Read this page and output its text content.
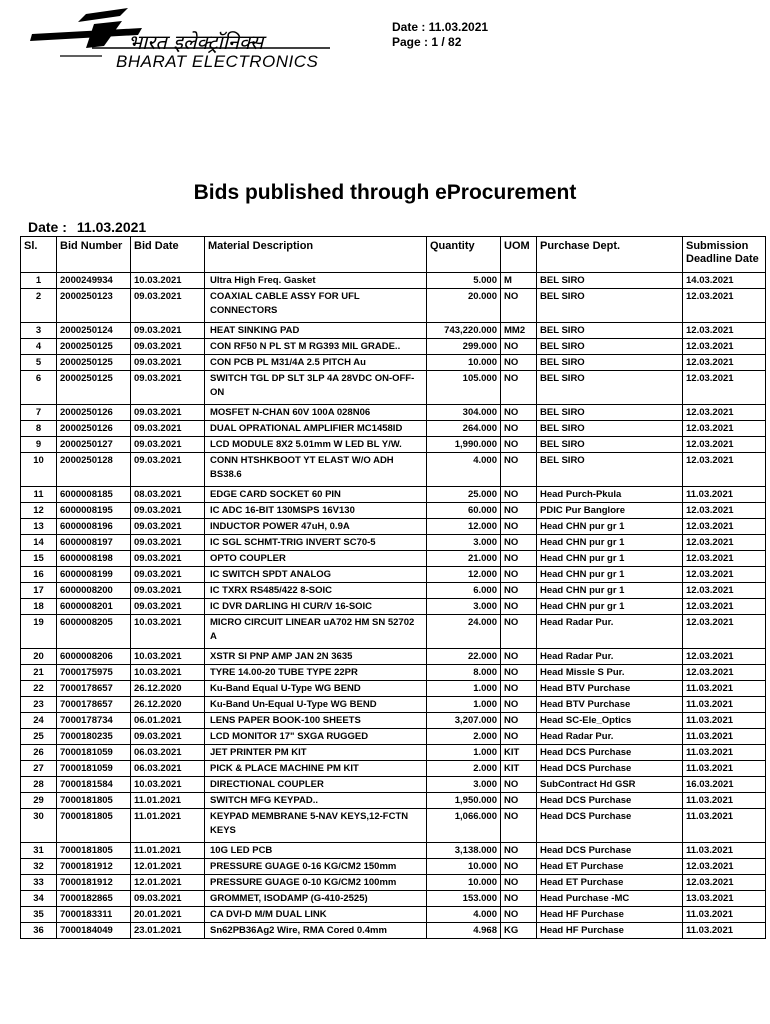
भारत इलेक्ट्रॉनिक्स
BHARAT ELECTRONICS
Date : 11.03.2021
Page : 1 / 82
Bids published through eProcurement
Date : 11.03.2021
Sl.	Bid Number	Bid Date	Material Description	Quantity	UOM	Purchase Dept.	Submission Deadline Date
1	2000249934	10.03.2021	Ultra High Freq. Gasket	5.000	M	BEL SIRO	14.03.2021
2	2000250123	09.03.2021	COAXIAL CABLE ASSY FOR UFL CONNECTORS	20.000	NO	BEL SIRO	12.03.2021
3	2000250124	09.03.2021	HEAT SINKING PAD	743,220.000	MM2	BEL SIRO	12.03.2021
4	2000250125	09.03.2021	CON RF50 N PL ST M RG393 MIL GRADE..	299.000	NO	BEL SIRO	12.03.2021
5	2000250125	09.03.2021	CON PCB PL M31/4A 2.5 PITCH Au	10.000	NO	BEL SIRO	12.03.2021
6	2000250125	09.03.2021	SWITCH TGL DP SLT 3LP 4A 28VDC ON-OFF-ON	105.000	NO	BEL SIRO	12.03.2021
7	2000250126	09.03.2021	MOSFET N-CHAN 60V 100A 028N06	304.000	NO	BEL SIRO	12.03.2021
8	2000250126	09.03.2021	DUAL OPRATIONAL AMPLIFIER MC1458ID	264.000	NO	BEL SIRO	12.03.2021
9	2000250127	09.03.2021	LCD MODULE 8X2 5.01mm W LED BL Y/W.	1,990.000	NO	BEL SIRO	12.03.2021
10	2000250128	09.03.2021	CONN HTSHKBOOT YT ELAST W/O ADH BS38.6	4.000	NO	BEL SIRO	12.03.2021
11	6000008185	08.03.2021	EDGE CARD SOCKET 60 PIN	25.000	NO	Head Purch-Pkula	11.03.2021
12	6000008195	09.03.2021	IC ADC 16-BIT 130MSPS 16V130	60.000	NO	PDIC Pur Banglore	12.03.2021
13	6000008196	09.03.2021	INDUCTOR POWER 47uH, 0.9A	12.000	NO	Head CHN pur gr 1	12.03.2021
14	6000008197	09.03.2021	IC SGL SCHMT-TRIG INVERT SC70-5	3.000	NO	Head CHN pur gr 1	12.03.2021
15	6000008198	09.03.2021	OPTO COUPLER	21.000	NO	Head CHN pur gr 1	12.03.2021
16	6000008199	09.03.2021	IC SWITCH SPDT ANALOG	12.000	NO	Head CHN pur gr 1	12.03.2021
17	6000008200	09.03.2021	IC TXRX RS485/422 8-SOIC	6.000	NO	Head CHN pur gr 1	12.03.2021
18	6000008201	09.03.2021	IC DVR DARLING HI CUR/V 16-SOIC	3.000	NO	Head CHN pur gr 1	12.03.2021
19	6000008205	10.03.2021	MICRO CIRCUIT LINEAR uA702 HM SN 52702 A	24.000	NO	Head Radar Pur.	12.03.2021
20	6000008206	10.03.2021	XSTR SI PNP AMP JAN 2N 3635	22.000	NO	Head Radar Pur.	12.03.2021
21	7000175975	10.03.2021	TYRE 14.00-20 TUBE TYPE 22PR	8.000	NO	Head Missle S Pur.	12.03.2021
22	7000178657	26.12.2020	Ku-Band Equal U-Type WG BEND	1.000	NO	Head BTV Purchase	11.03.2021
23	7000178657	26.12.2020	Ku-Band Un-Equal U-Type WG BEND	1.000	NO	Head BTV Purchase	11.03.2021
24	7000178734	06.01.2021	LENS PAPER BOOK-100 SHEETS	3,207.000	NO	Head SC-Ele_Optics	11.03.2021
25	7000180235	09.03.2021	LCD MONITOR 17" SXGA RUGGED	2.000	NO	Head Radar Pur.	11.03.2021
26	7000181059	06.03.2021	JET PRINTER PM KIT	1.000	KIT	Head DCS Purchase	11.03.2021
27	7000181059	06.03.2021	PICK & PLACE MACHINE PM KIT	2.000	KIT	Head DCS Purchase	11.03.2021
28	7000181584	10.03.2021	DIRECTIONAL COUPLER	3.000	NO	SubContract Hd GSR	16.03.2021
29	7000181805	11.01.2021	SWITCH MFG KEYPAD..	1,950.000	NO	Head DCS Purchase	11.03.2021
30	7000181805	11.01.2021	KEYPAD MEMBRANE 5-NAV KEYS,12-FCTN KEYS	1,066.000	NO	Head DCS Purchase	11.03.2021
31	7000181805	11.01.2021	10G LED PCB	3,138.000	NO	Head DCS Purchase	11.03.2021
32	7000181912	12.01.2021	PRESSURE GUAGE 0-16 KG/CM2 150mm	10.000	NO	Head ET Purchase	12.03.2021
33	7000181912	12.01.2021	PRESSURE GUAGE 0-10 KG/CM2 100mm	10.000	NO	Head ET Purchase	12.03.2021
34	7000182865	09.03.2021	GROMMET, ISODAMP (G-410-2525)	153.000	NO	Head Purchase -MC	13.03.2021
35	7000183311	20.01.2021	CA DVI-D M/M DUAL LINK	4.000	NO	Head HF Purchase	11.03.2021
36	7000184049	23.01.2021	Sn62PB36Ag2 Wire, RMA Cored 0.4mm	4.968	KG	Head HF Purchase	11.03.2021
